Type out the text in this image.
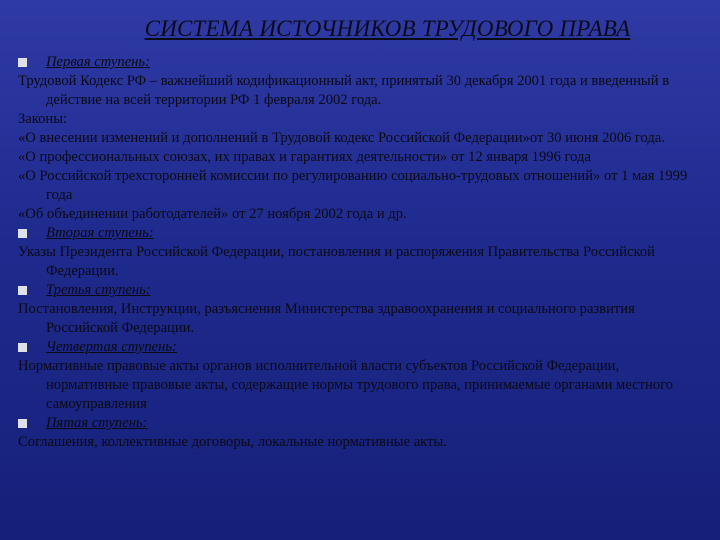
СИСТЕМА ИСТОЧНИКОВ ТРУДОВОГО ПРАВА
Первая ступень:

Трудовой Кодекс РФ – важнейший кодификационный акт, принятый 30 декабря 2001 года и введенный в действие на всей территории РФ 1 февраля 2002 года.

Законы:

«О внесении изменений и дополнений в Трудовой кодекс Российской Федерации»от 30 июня 2006 года.

«О профессиональных союзах, их правах и гарантиях деятельности» от 12 января 1996 года

«О Российской трехсторонней комиссии по регулированию социально-трудовых отношений» от 1 мая 1999 года

«Об объединении работодателей» от 27 ноября 2002 года и др.

Вторая ступень:

Указы Президента Российской Федерации, постановления и распоряжения Правительства Российской Федерации.

Третья ступень:

Постановления, Инструкции, разъяснения Министерства здравоохранения и социального развития Российской Федерации.

Четвертая ступень:

Нормативные правовые акты органов исполнительной власти субъектов Российской Федерации, нормативные правовые акты, содержащие нормы трудового права, принимаемые органами местного самоуправления

Пятая ступень:

Соглашения, коллективные договоры, локальные нормативные акты.
